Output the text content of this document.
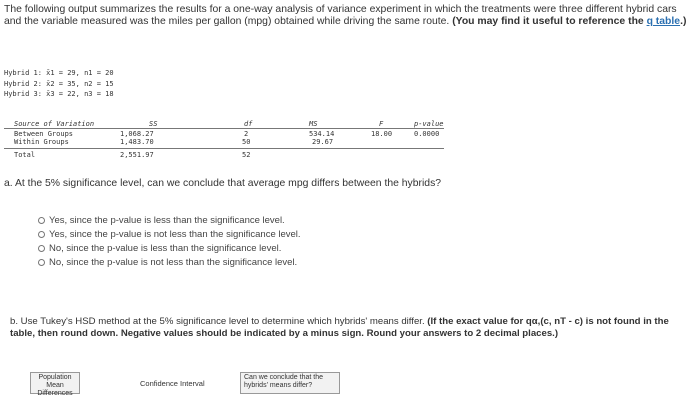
The following output summarizes the results for a one-way analysis of variance experiment in which the treatments were three different hybrid cars and the variable measured was the miles per gallon (mpg) obtained while driving the same route. (You may find it useful to reference the q table.)
Hybrid 1: x̄1 = 29, n1 = 20
Hybrid 2: x̄2 = 35, n2 = 15
Hybrid 3: x̄3 = 22, n3 = 18
Source of Variation	SS	df	MS	F	p-value
Between Groups	1,068.27	2	534.14	18.00	0.0000
Within Groups	1,483.70	50	29.67
Total	2,551.97	52
a. At the 5% significance level, can we conclude that average mpg differs between the hybrids?
Yes, since the p-value is less than the significance level.
Yes, since the p-value is not less than the significance level.
No, since the p-value is less than the significance level.
No, since the p-value is not less than the significance level.
b. Use Tukey's HSD method at the 5% significance level to determine which hybrids' means differ. (If the exact value for qα,(c, nT - c) is not found in the table, then round down. Negative values should be indicated by a minus sign. Round your answers to 2 decimal places.)
Population Mean Differences
Confidence Interval
Can we conclude that the hybrids' means differ?
